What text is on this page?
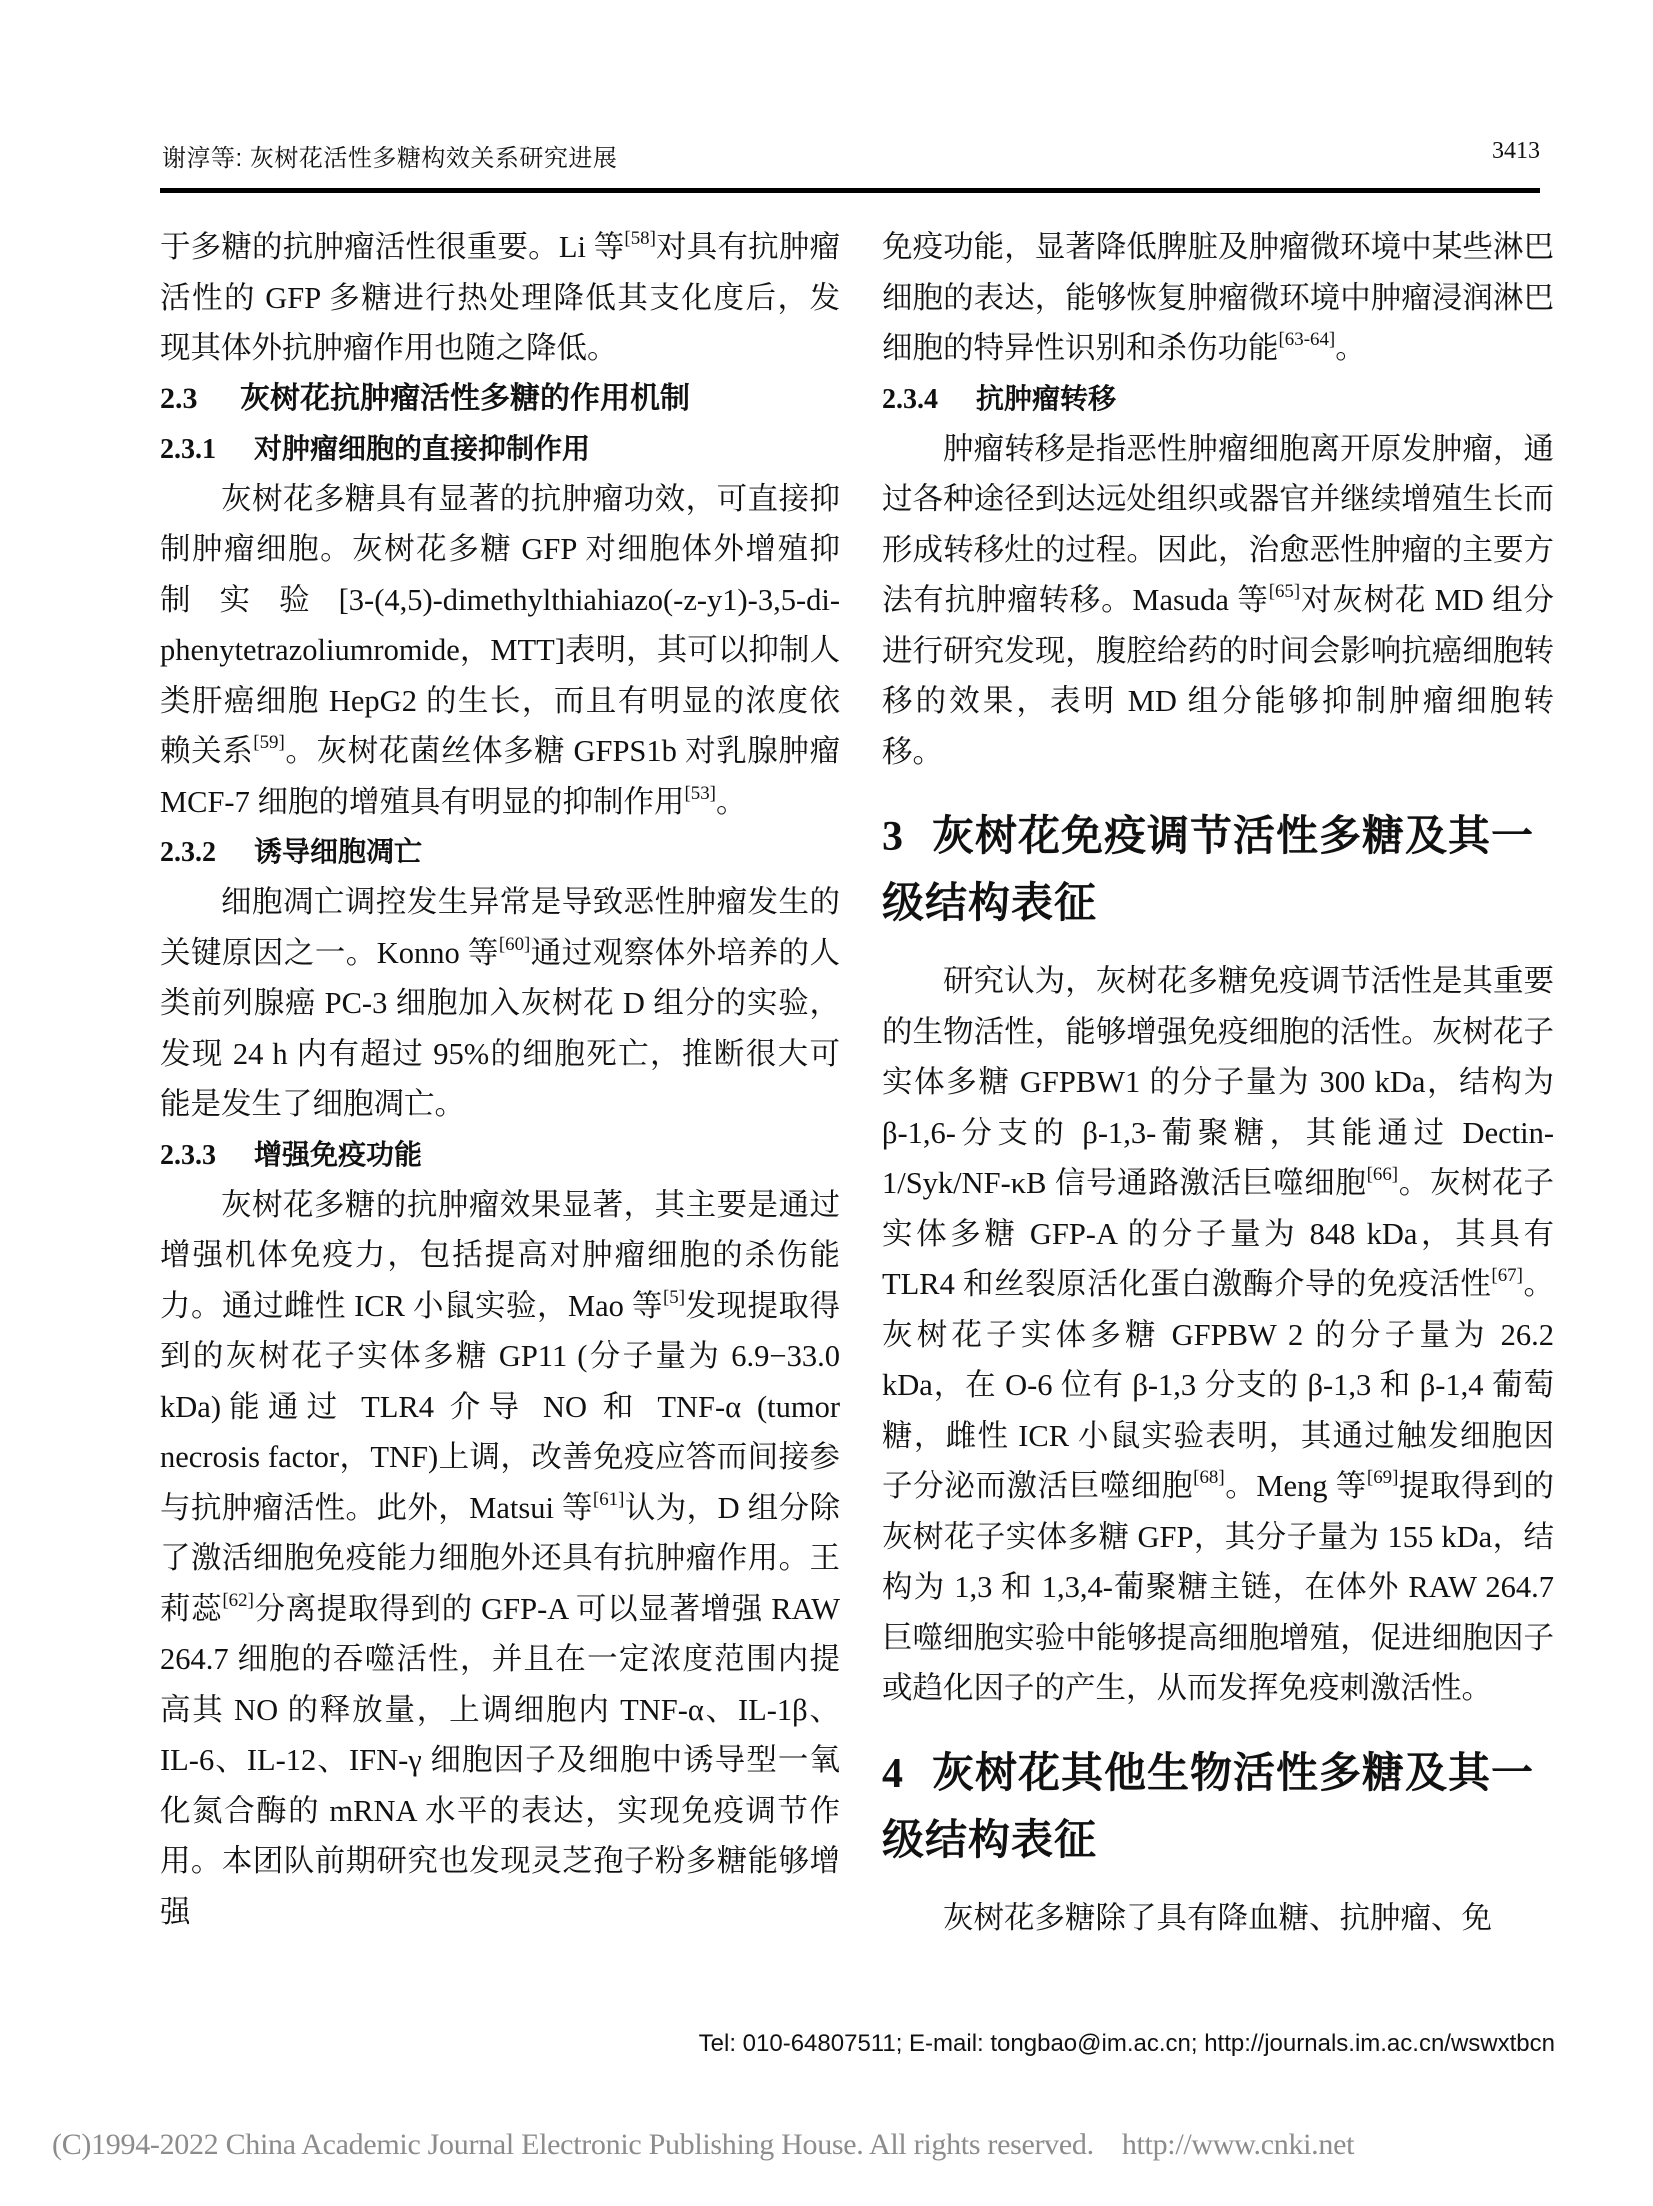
谢淳等: 灰树花活性多糖构效关系研究进展	3413

于多糖的抗肿瘤活性很重要。Li 等[58]对具有抗肿瘤活性的 GFP 多糖进行热处理降低其支化度后，发现其体外抗肿瘤作用也随之降低。

2.3 灰树花抗肿瘤活性多糖的作用机制

2.3.1 对肿瘤细胞的直接抑制作用

灰树花多糖具有显著的抗肿瘤功效，可直接抑制肿瘤细胞。灰树花多糖 GFP 对细胞体外增殖抑制实验[3-(4,5)-dimethylthiahiazo(-z-y1)-3,5-di-phenytetrazoliumromide，MTT]表明，其可以抑制人类肝癌细胞 HepG2 的生长，而且有明显的浓度依赖关系[59]。灰树花菌丝体多糖 GFPS1b 对乳腺肿瘤 MCF-7 细胞的增殖具有明显的抑制作用[53]。

2.3.2 诱导细胞凋亡

细胞凋亡调控发生异常是导致恶性肿瘤发生的关键原因之一。Konno 等[60]通过观察体外培养的人类前列腺癌 PC-3 细胞加入灰树花 D 组分的实验，发现 24 h 内有超过 95%的细胞死亡，推断很大可能是发生了细胞凋亡。

2.3.3 增强免疫功能

灰树花多糖的抗肿瘤效果显著，其主要是通过增强机体免疫力，包括提高对肿瘤细胞的杀伤能力。通过雌性 ICR 小鼠实验，Mao 等[5]发现提取得到的灰树花子实体多糖 GP11 (分子量为 6.9−33.0 kDa)能通过 TLR4 介导 NO 和 TNF-α (tumor necrosis factor，TNF)上调，改善免疫应答而间接参与抗肿瘤活性。此外，Matsui 等[61]认为，D 组分除了激活细胞免疫能力细胞外还具有抗肿瘤作用。王莉蕊[62]分离提取得到的 GFP-A 可以显著增强 RAW 264.7 细胞的吞噬活性，并且在一定浓度范围内提高其 NO 的释放量，上调细胞内 TNF-α、IL-1β、IL-6、IL-12、IFN-γ 细胞因子及细胞中诱导型一氧化氮合酶的 mRNA 水平的表达，实现免疫调节作用。本团队前期研究也发现灵芝孢子粉多糖能够增强

免疫功能，显著降低脾脏及肿瘤微环境中某些淋巴细胞的表达，能够恢复肿瘤微环境中肿瘤浸润淋巴细胞的特异性识别和杀伤功能[63-64]。

2.3.4 抗肿瘤转移

肿瘤转移是指恶性肿瘤细胞离开原发肿瘤，通过各种途径到达远处组织或器官并继续增殖生长而形成转移灶的过程。因此，治愈恶性肿瘤的主要方法有抗肿瘤转移。Masuda 等[65]对灰树花 MD 组分进行研究发现，腹腔给药的时间会影响抗癌细胞转移的效果，表明 MD 组分能够抑制肿瘤细胞转移。

3 灰树花免疫调节活性多糖及其一级结构表征

研究认为，灰树花多糖免疫调节活性是其重要的生物活性，能够增强免疫细胞的活性。灰树花子实体多糖 GFPBW1 的分子量为 300 kDa，结构为 β-1,6-分支的 β-1,3-葡聚糖，其能通过 Dectin-1/Syk/NF-κB 信号通路激活巨噬细胞[66]。灰树花子实体多糖 GFP-A 的分子量为 848 kDa，其具有 TLR4 和丝裂原活化蛋白激酶介导的免疫活性[67]。灰树花子实体多糖 GFPBW 2 的分子量为 26.2 kDa，在 O-6 位有 β-1,3 分支的 β-1,3 和 β-1,4 葡萄糖，雌性 ICR 小鼠实验表明，其通过触发细胞因子分泌而激活巨噬细胞[68]。Meng 等[69]提取得到的灰树花子实体多糖 GFP，其分子量为 155 kDa，结构为 1,3 和 1,3,4-葡聚糖主链，在体外 RAW 264.7 巨噬细胞实验中能够提高细胞增殖，促进细胞因子或趋化因子的产生，从而发挥免疫刺激活性。

4 灰树花其他生物活性多糖及其一级结构表征

灰树花多糖除了具有降血糖、抗肿瘤、免

Tel: 010-64807511; E-mail: tongbao@im.ac.cn; http://journals.im.ac.cn/wswxtbcn
(C)1994-2022 China Academic Journal Electronic Publishing House. All rights reserved. http://www.cnki.net
